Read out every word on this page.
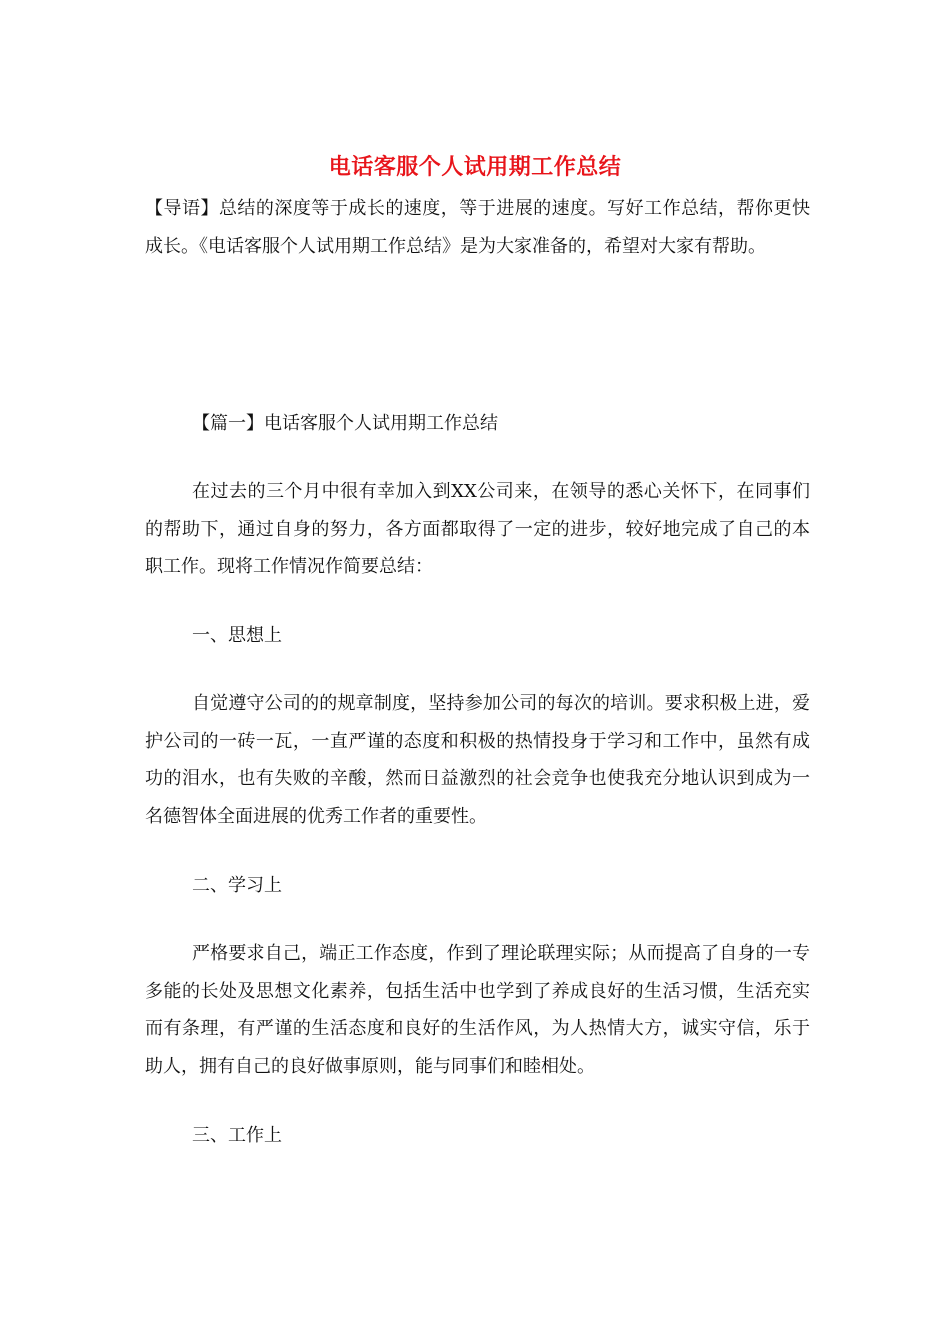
电话客服个人试用期工作总结

【导语】总结的深度等于成长的速度，等于进展的速度。写好工作总结，帮你更快成长。《电话客服个人试用期工作总结》是为大家准备的，希望对大家有帮助。

【篇一】电话客服个人试用期工作总结

在过去的三个月中很有幸加入到XX公司来，在领导的悉心关怀下，在同事们的帮助下，通过自身的努力，各方面都取得了一定的进步，较好地完成了自己的本职工作。现将工作情况作简要总结：

一、思想上

自觉遵守公司的的规章制度，坚持参加公司的每次的培训。要求积极上进，爱护公司的一砖一瓦，一直严谨的态度和积极的热情投身于学习和工作中，虽然有成功的泪水，也有失败的辛酸，然而日益激烈的社会竞争也使我充分地认识到成为一名德智体全面进展的优秀工作者的重要性。

二、学习上

严格要求自己，端正工作态度，作到了理论联理实际；从而提高了自身的一专多能的长处及思想文化素养，包括生活中也学到了养成良好的生活习惯，生活充实而有条理，有严谨的生活态度和良好的生活作风，为人热情大方，诚实守信，乐于助人，拥有自己的良好做事原则，能与同事们和睦相处。

三、工作上
